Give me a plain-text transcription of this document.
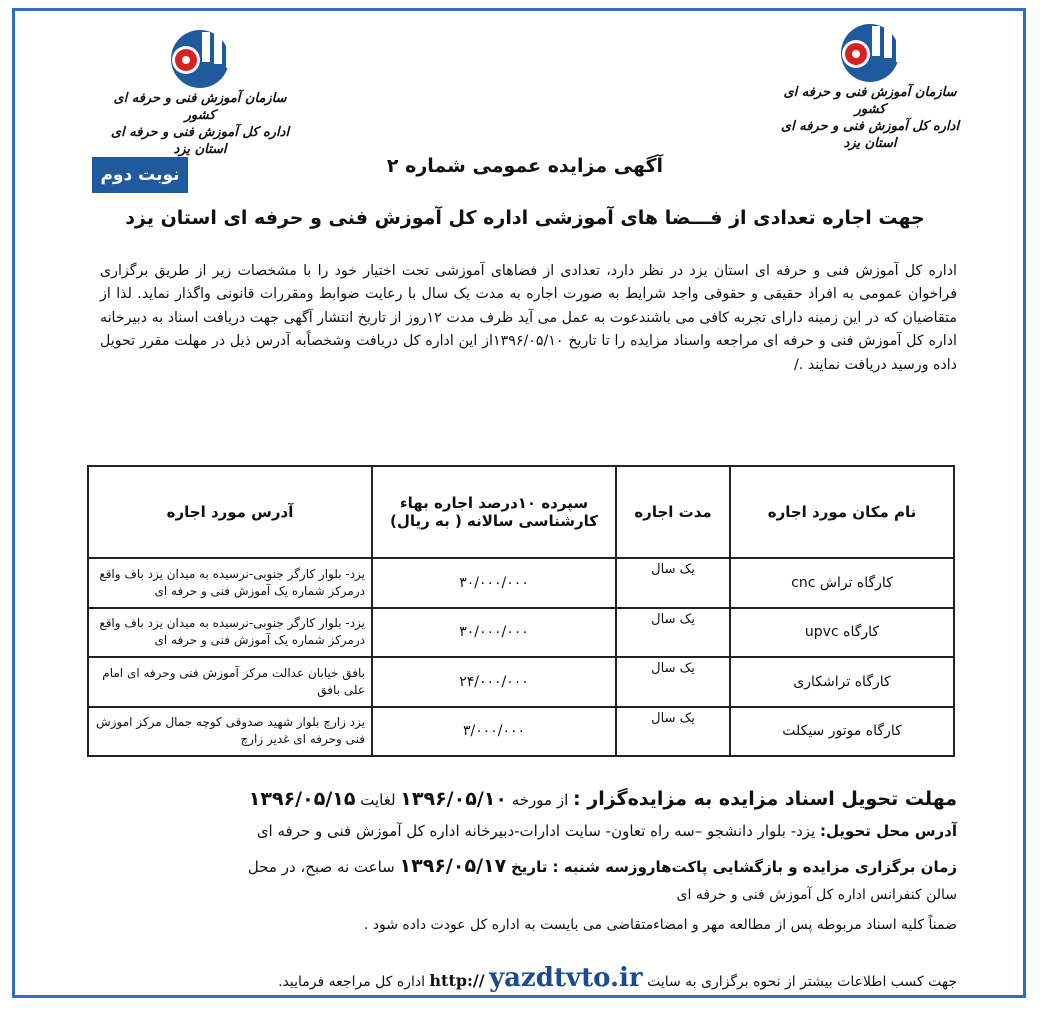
سازمان آموزش فنی و حرفه ای کشور
اداره کل آموزش فنی و حرفه ای استان یزد
سازمان آموزش فنی و حرفه ای کشور
اداره کل آموزش فنی و حرفه ای استان یزد
نوبت دوم	آگهی مزایده عمومی شماره ۲
جهت اجاره تعدادی از فـــضا های آموزشی اداره کل آموزش فنی و حرفه ای استان یزد
اداره کل آموزش فنی و حرفه ای استان یزد در نظر دارد، تعدادی از فضاهای آموزشی تحت اختیار خود را با مشخصات زیر از طریق برگزاری فراخوان عمومی به افراد حقیقی و حقوقی واجد شرایط به صورت اجاره به مدت یک سال با رعایت ضوابط ومقررات قانونی واگذار نماید. لذا از متقاضیان که در این زمینه دارای تجربه کافی می باشندعوت به عمل می آید ظرف مدت ۱۲روز از تاریخ انتشار آگهی جهت دریافت اسناد به دبیرخانه اداره کل آموزش فنی و حرفه ای مراجعه واسناد مزایده را تا تاریخ ۱۳۹۶/۰۵/۱۰از این اداره کل دریافت وشخصاًبه آدرس ذیل در مهلت مقرر تحویل داده ورسید دریافت نمایند ./
نام مکان مورد اجاره	مدت اجاره	سپرده ۱۰درصد اجاره بهاء کارشناسی سالانه ( به ریال)	آدرس مورد اجاره
کارگاه تراش cnc	یک سال	۳۰/۰۰۰/۰۰۰	یزد- بلوار کارگر جنوبی-نرسیده به میدان یزد باف واقع درمرکز شماره یک آموزش فنی و حرفه ای
کارگاه upvc	یک سال	۳۰/۰۰۰/۰۰۰	یزد- بلوار کارگر جنوبی-نرسیده به میدان یزد باف واقع درمرکز شماره یک آموزش فنی و حرفه ای
کارگاه تراشکاری	یک سال	۲۴/۰۰۰/۰۰۰	بافق خیابان عدالت مرکز آموزش فنی وحرفه ای امام علی بافق
کارگاه موتور سیکلت	یک سال	۳/۰۰۰/۰۰۰	یزد زارچ بلوار شهید صدوقی کوچه جمال مرکز اموزش فنی وحرفه ای غدیر زارچ
مهلت تحویل اسناد مزایده به مزایده‌گزار : از مورخه ۱۳۹۶/۰۵/۱۰ لغایت ۱۳۹۶/۰۵/۱۵
آدرس محل تحویل: یزد- بلوار دانشجو –سه راه تعاون- سایت ادارات-دبیرخانه اداره کل آموزش فنی و حرفه ای
زمان برگزاری مزایده و بازگشایی پاکت‌هاروزسه شنبه : تاریخ ۱۳۹۶/۰۵/۱۷ ساعت نه صبح، در محل
سالن کنفرانس اداره کل آموزش فنی و حرفه ای
ضمناً کلیه اسناد مربوطه پس از مطالعه مهر و امضاءمتقاضی می بایست به اداره کل عودت داده شود .
جهت کسب اطلاعات بیشتر از نحوه برگزاری به سایت http:// yazdtvto.ir اداره کل مراجعه فرمایید.
